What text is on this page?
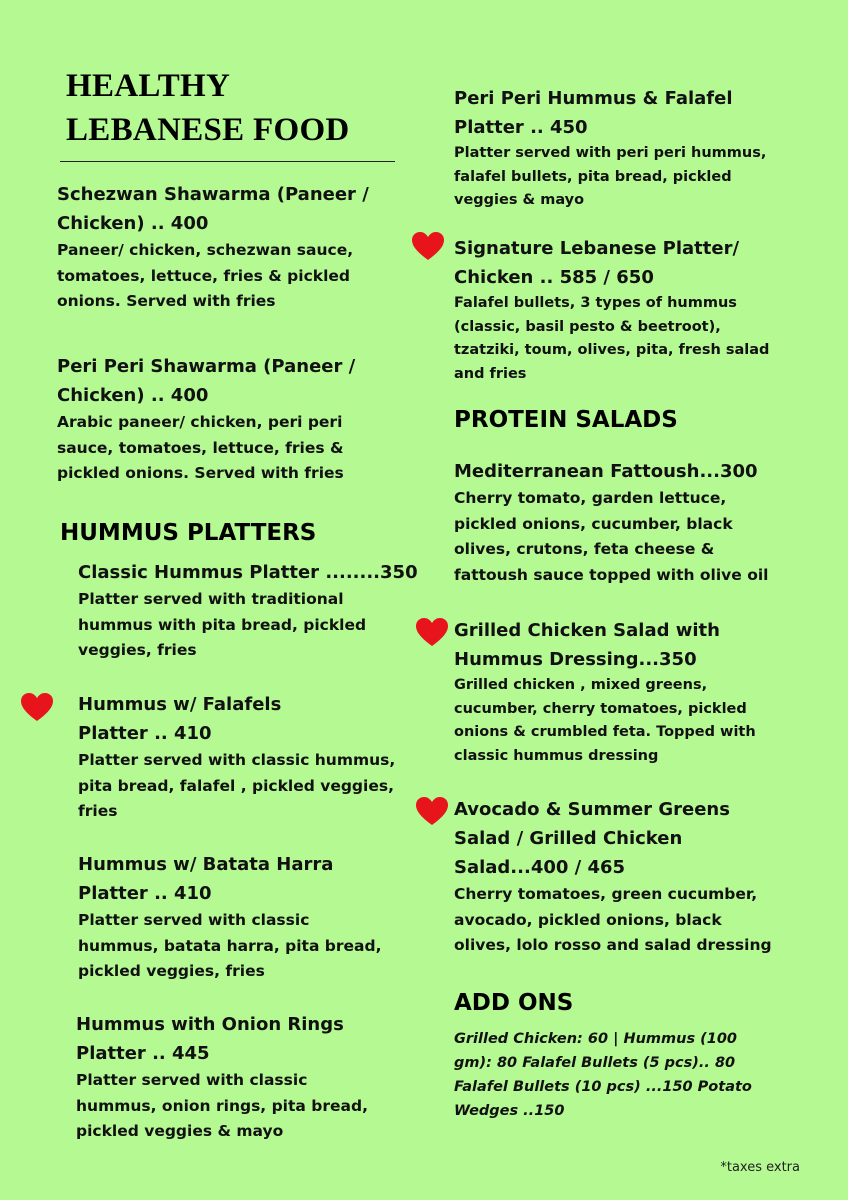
HEALTHY
LEBANESE FOOD
Schezwan Shawarma (Paneer /
Chicken) .. 400
Paneer/ chicken, schezwan sauce,
tomatoes, lettuce, fries & pickled
onions. Served with fries
Peri Peri Shawarma (Paneer /
Chicken) .. 400
Arabic paneer/ chicken, peri peri
sauce, tomatoes, lettuce, fries &
pickled onions. Served with fries
HUMMUS PLATTERS
Classic Hummus Platter ........350
Platter served with traditional
hummus with pita bread, pickled
veggies, fries
Hummus w/ Falafels
Platter .. 410
Platter served with classic hummus,
pita bread, falafel , pickled veggies,
fries
Hummus w/ Batata Harra
Platter .. 410
Platter served with classic
hummus, batata harra, pita bread,
pickled veggies, fries
Hummus with Onion Rings
Platter .. 445
Platter served with classic
hummus, onion rings, pita bread,
pickled veggies & mayo
Peri Peri Hummus & Falafel
Platter .. 450
Platter served with peri peri hummus,
falafel bullets, pita bread, pickled
veggies & mayo
Signature Lebanese Platter/
Chicken .. 585 / 650
Falafel bullets, 3 types of hummus
(classic, basil pesto & beetroot),
tzatziki, toum, olives, pita, fresh salad
and fries
PROTEIN SALADS
Mediterranean Fattoush...300
Cherry tomato, garden lettuce,
pickled onions, cucumber, black
olives, crutons, feta cheese &
fattoush sauce topped with olive oil
Grilled Chicken Salad with
Hummus Dressing...350
Grilled chicken , mixed greens,
cucumber, cherry tomatoes, pickled
onions & crumbled feta. Topped with
classic hummus dressing
Avocado & Summer Greens
Salad / Grilled Chicken
Salad...400 / 465
Cherry tomatoes, green cucumber,
avocado, pickled onions, black
olives, lolo rosso and salad dressing
ADD ONS
Grilled Chicken: 60 | Hummus (100
gm): 80 Falafel Bullets (5 pcs).. 80
Falafel Bullets (10 pcs) ...150 Potato
Wedges ..150
*taxes extra
